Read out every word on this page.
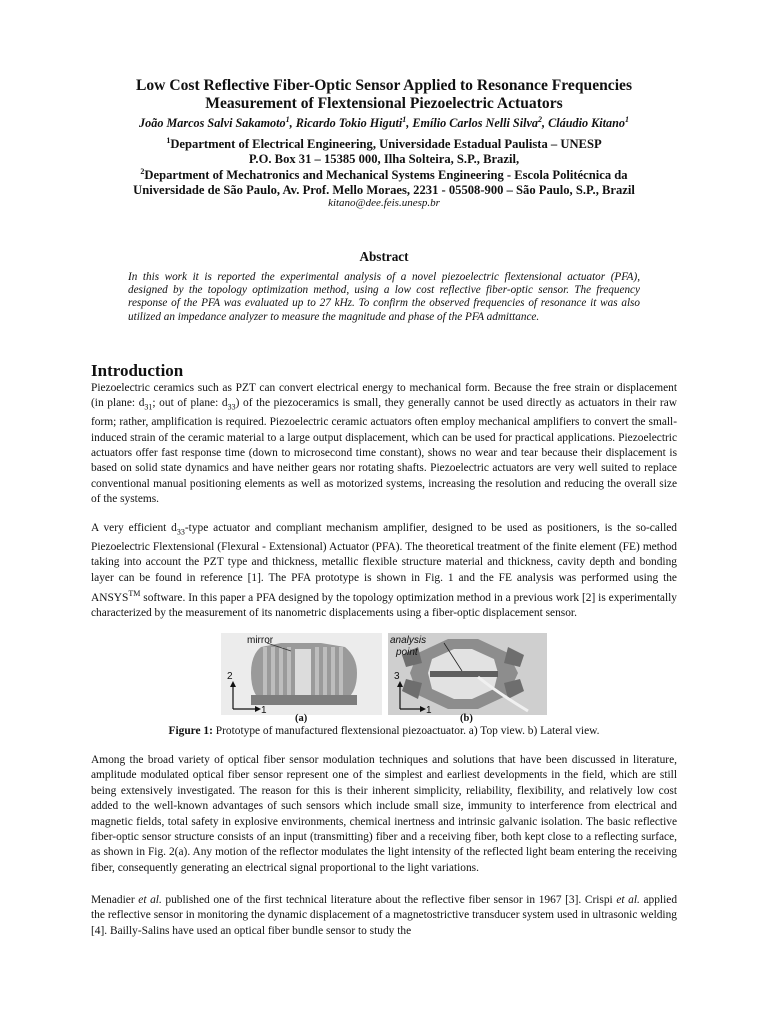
Low Cost Reflective Fiber-Optic Sensor Applied to Resonance Frequencies
Measurement of Flextensional Piezoelectric Actuators
João Marcos Salvi Sakamoto$^1$, Ricardo Tokio Higuti$^1$, Emílio Carlos Nelli Silva$^2$, Cláudio Kitano$^1$
$^1$Department of Electrical Engineering, Universidade Estadual Paulista – UNESP
P.O. Box 31 – 15385 000, Ilha Solteira, S.P., Brazil,
$^2$Department of Mechatronics and Mechanical Systems Engineering - Escola Politécnica da
Universidade de São Paulo, Av. Prof. Mello Moraes, 2231 - 05508-900 – São Paulo, S.P., Brazil
kitano@dee.feis.unesp.br
Abstract
In this work it is reported the experimental analysis of a novel piezoelectric flextensional actuator (PFA), designed by the topology optimization method, using a low cost reflective fiber-optic sensor. The frequency response of the PFA was evaluated up to 27 kHz. To confirm the observed frequencies of resonance it was also utilized an impedance analyzer to measure the magnitude and phase of the PFA admittance.
Introduction
Piezoelectric ceramics such as PZT can convert electrical energy to mechanical form. Because the free strain or displacement (in plane: $d_{31}$; out of plane: $d_{33}$) of the piezoceramics is small, they generally cannot be used directly as actuators in their raw form; rather, amplification is required. Piezoelectric ceramic actuators often employ mechanical amplifiers to convert the small-induced strain of the ceramic material to a large output displacement, which can be used for practical applications. Piezoelectric actuators offer fast response time (down to microsecond time constant), shows no wear and tear because their displacement is based on solid state dynamics and have neither gears nor rotating shafts. Piezoelectric actuators are very well suited to replace conventional manual positioning elements as well as motorized systems, increasing the resolution and reducing the overall size of the systems.
A very efficient $d_{33}$-type actuator and compliant mechanism amplifier, designed to be used as positioners, is the so-called Piezoelectric Flextensional (Flexural - Extensional) Actuator (PFA). The theoretical treatment of the finite element (FE) method taking into account the PZT type and thickness, metallic flexible structure material and thickness, cavity depth and bonding layer can be found in reference [1]. The PFA prototype is shown in Fig. 1 and the FE analysis was performed using the ANSYS™ software. In this paper a PFA designed by the topology optimization method in a previous work [2] is experimentally characterized by the measurement of its nanometric displacements using a fiber-optic displacement sensor.
2
1
mirror
3
1
analysis
point
(a)	(b)
Figure 1: Prototype of manufactured flextensional piezoactuator. a) Top view. b) Lateral view.
Among the broad variety of optical fiber sensor modulation techniques and solutions that have been discussed in literature, amplitude modulated optical fiber sensor represent one of the simplest and earliest developments in the field, which are still being extensively investigated. The reason for this is their inherent simplicity, reliability, flexibility, and relatively low cost added to the well-known advantages of such sensors which include small size, immunity to interference from electrical and magnetic fields, total safety in explosive environments, chemical inertness and intrinsic galvanic isolation. The basic reflective fiber-optic sensor structure consists of an input (transmitting) fiber and a receiving fiber, both kept close to a reflecting surface, as shown in Fig. 2(a). Any motion of the reflector modulates the light intensity of the reflected light beam entering the receiving fiber, consequently generating an electrical signal proportional to the light variations.
Menadier et al. published one of the first technical literature about the reflective fiber sensor in 1967 [3]. Crispi et al. applied the reflective sensor in monitoring the dynamic displacement of a magnetostrictive transducer system used in ultrasonic welding [4]. Bailly-Salins have used an optical fiber bundle sensor to study the
